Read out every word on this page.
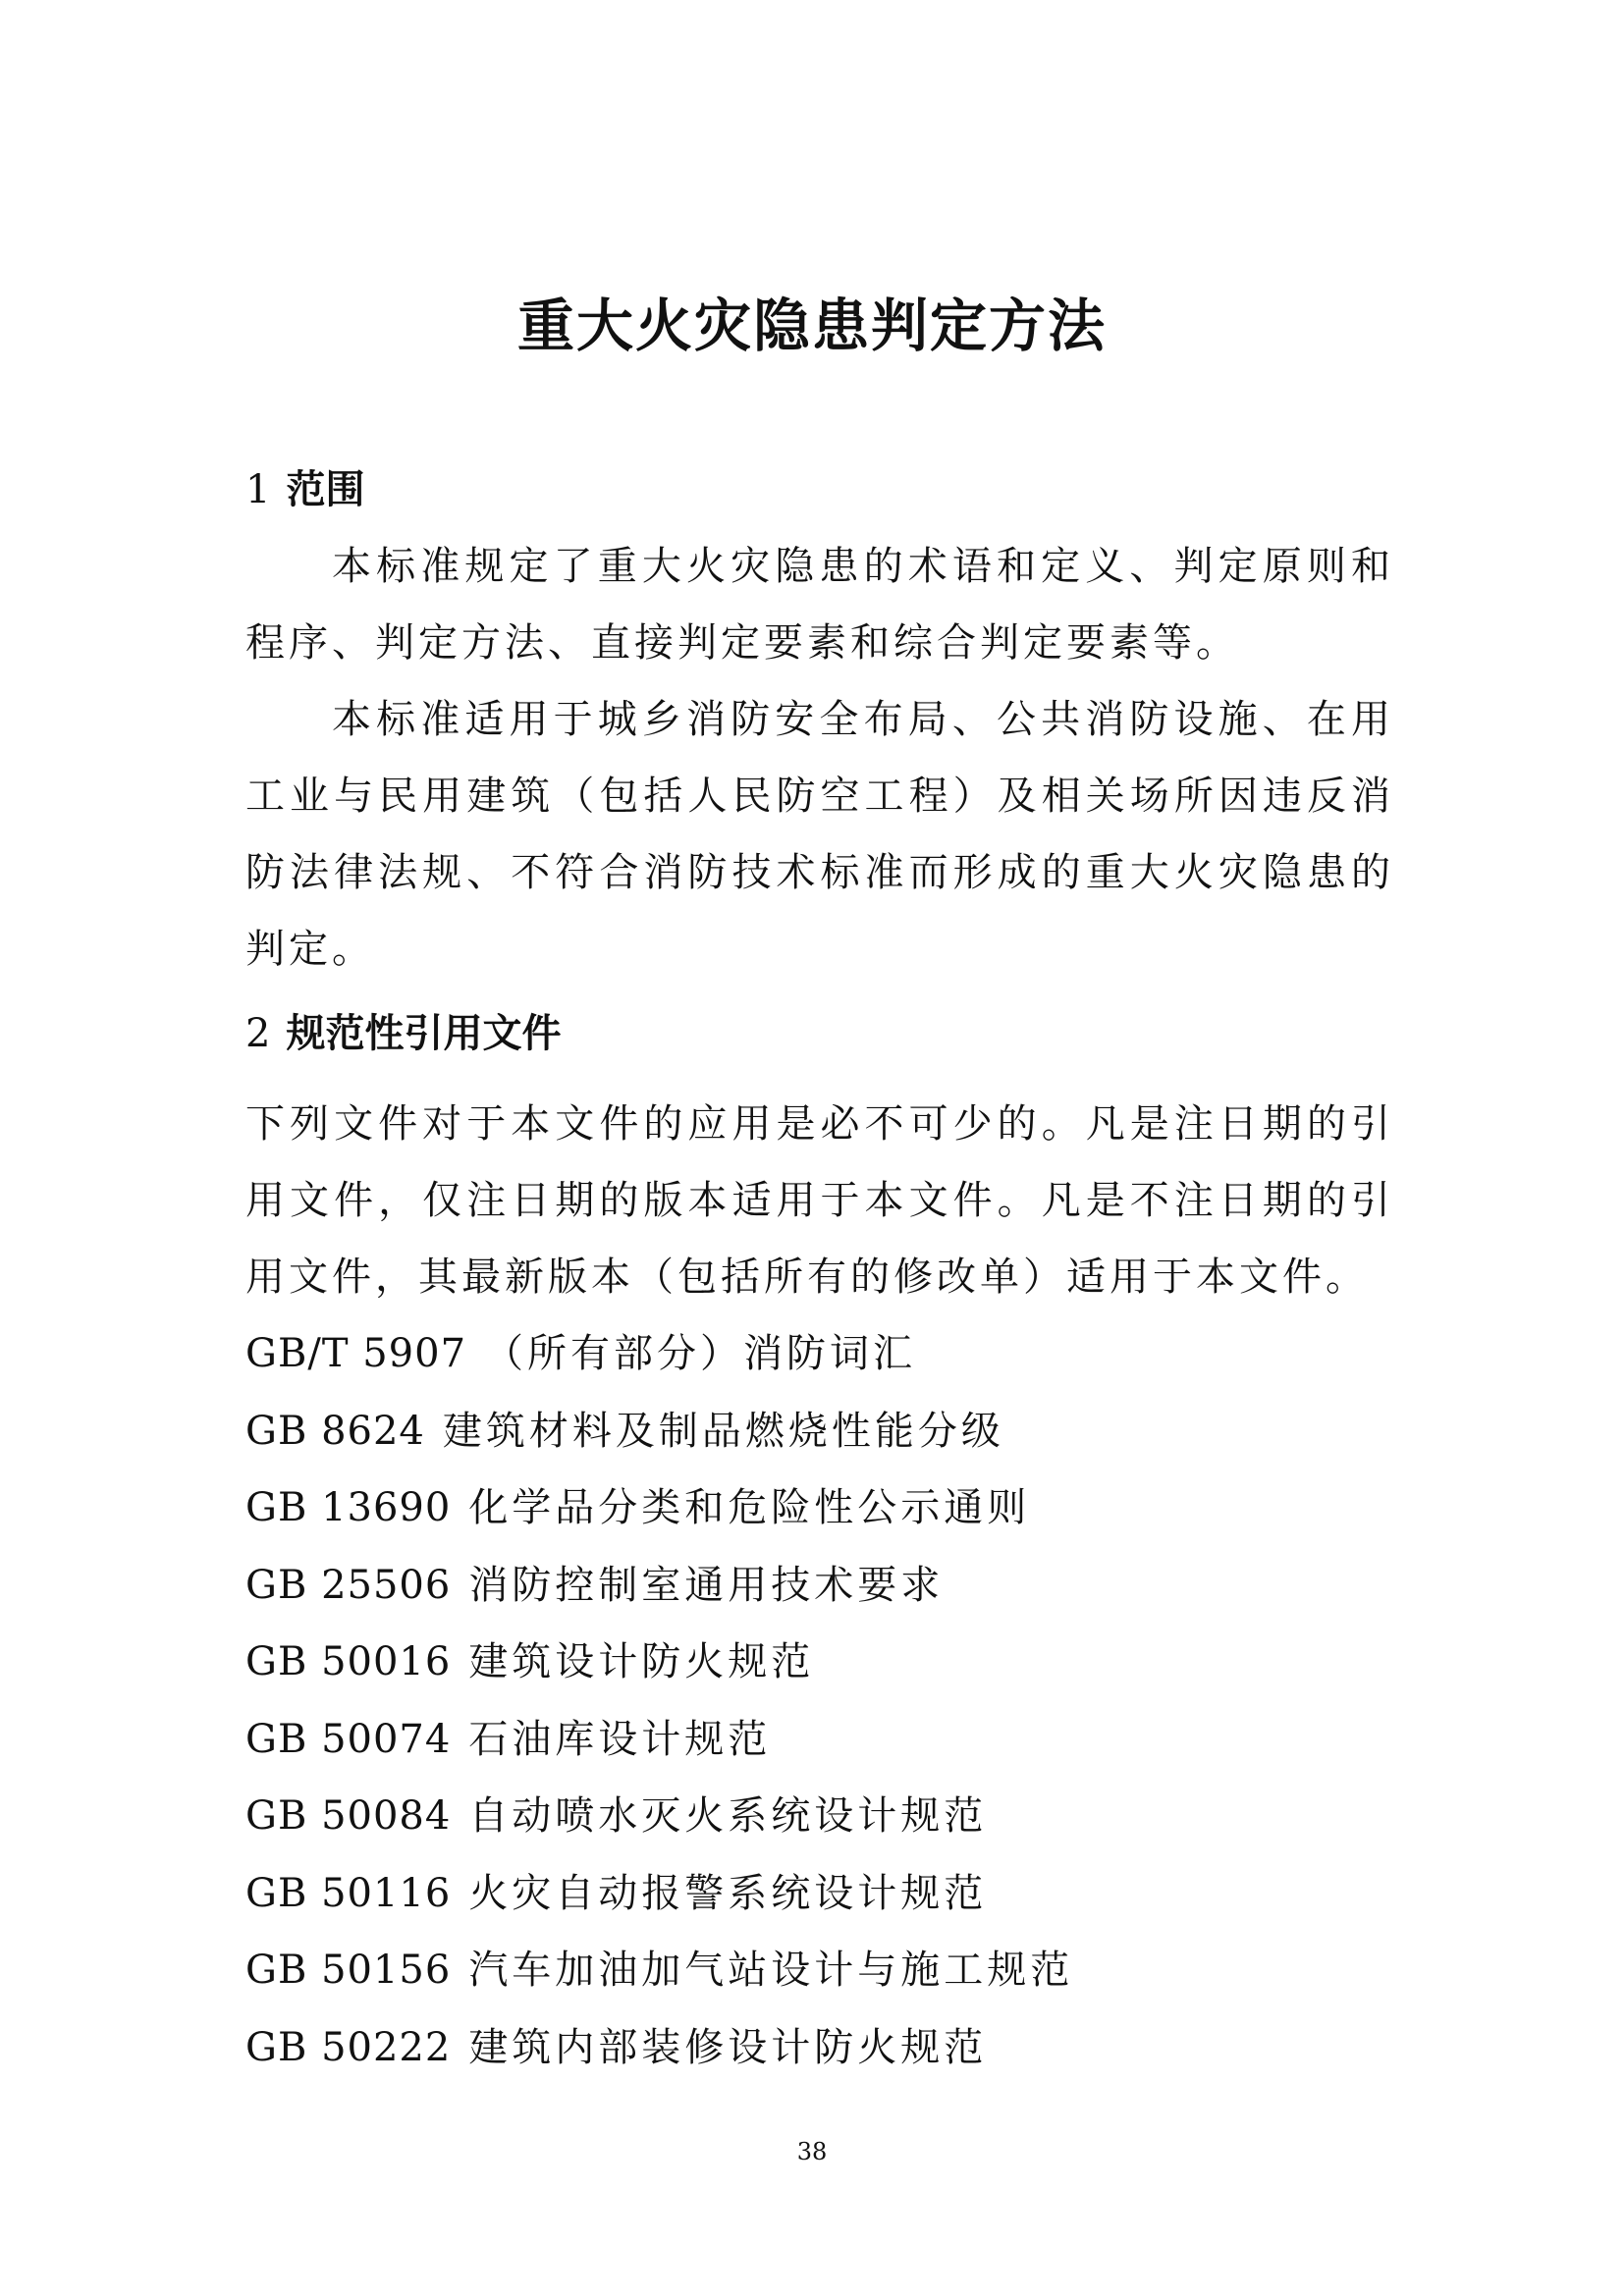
重大火灾隐患判定方法
1 范围

本标准规定了重大火灾隐患的术语和定义、判定原则和程序、判定方法、直接判定要素和综合判定要素等。

本标准适用于城乡消防安全布局、公共消防设施、在用工业与民用建筑（包括人民防空工程）及相关场所因违反消防法律法规、不符合消防技术标准而形成的重大火灾隐患的判定。

2 规范性引用文件

下列文件对于本文件的应用是必不可少的。凡是注日期的引用文件，仅注日期的版本适用于本文件。凡是不注日期的引用文件，其最新版本（包括所有的修改单）适用于本文件。

GB/T 5907 （所有部分）消防词汇
GB 8624 建筑材料及制品燃烧性能分级
GB 13690 化学品分类和危险性公示通则
GB 25506 消防控制室通用技术要求
GB 50016 建筑设计防火规范
GB 50074 石油库设计规范
GB 50084 自动喷水灭火系统设计规范
GB 50116 火灾自动报警系统设计规范
GB 50156 汽车加油加气站设计与施工规范
GB 50222 建筑内部装修设计防火规范
38
